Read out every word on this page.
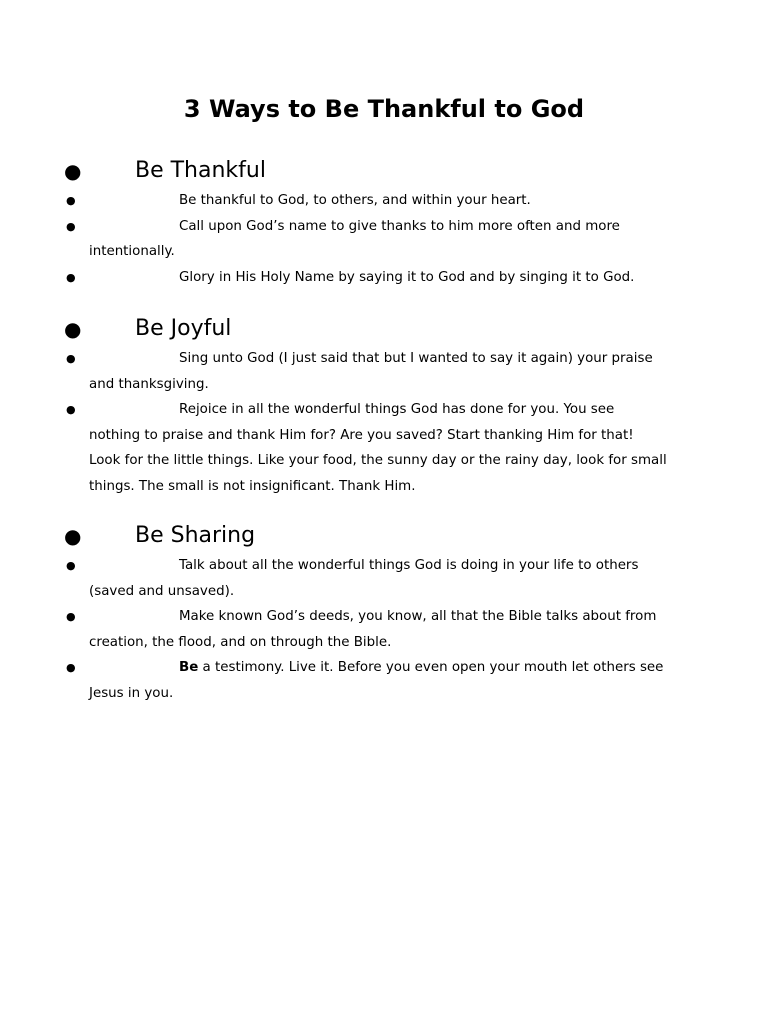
3 Ways to Be Thankful to God
● Be Thankful
●	Be thankful to God, to others, and within your heart.
●	Call upon God’s name to give thanks to him more often and more intentionally.
●	Glory in His Holy Name by saying it to God and by singing it to God.
● Be Joyful
●	Sing unto God (I just said that but I wanted to say it again) your praise and thanksgiving.
●	Rejoice in all the wonderful things God has done for you. You see nothing to praise and thank Him for? Are you saved? Start thanking Him for that! Look for the little things. Like your food, the sunny day or the rainy day, look for small things. The small is not insignificant. Thank Him.
● Be Sharing
●	Talk about all the wonderful things God is doing in your life to others (saved and unsaved).
●	Make known God’s deeds, you know, all that the Bible talks about from creation, the flood, and on through the Bible.
●	Be a testimony. Live it. Before you even open your mouth let others see Jesus in you.
